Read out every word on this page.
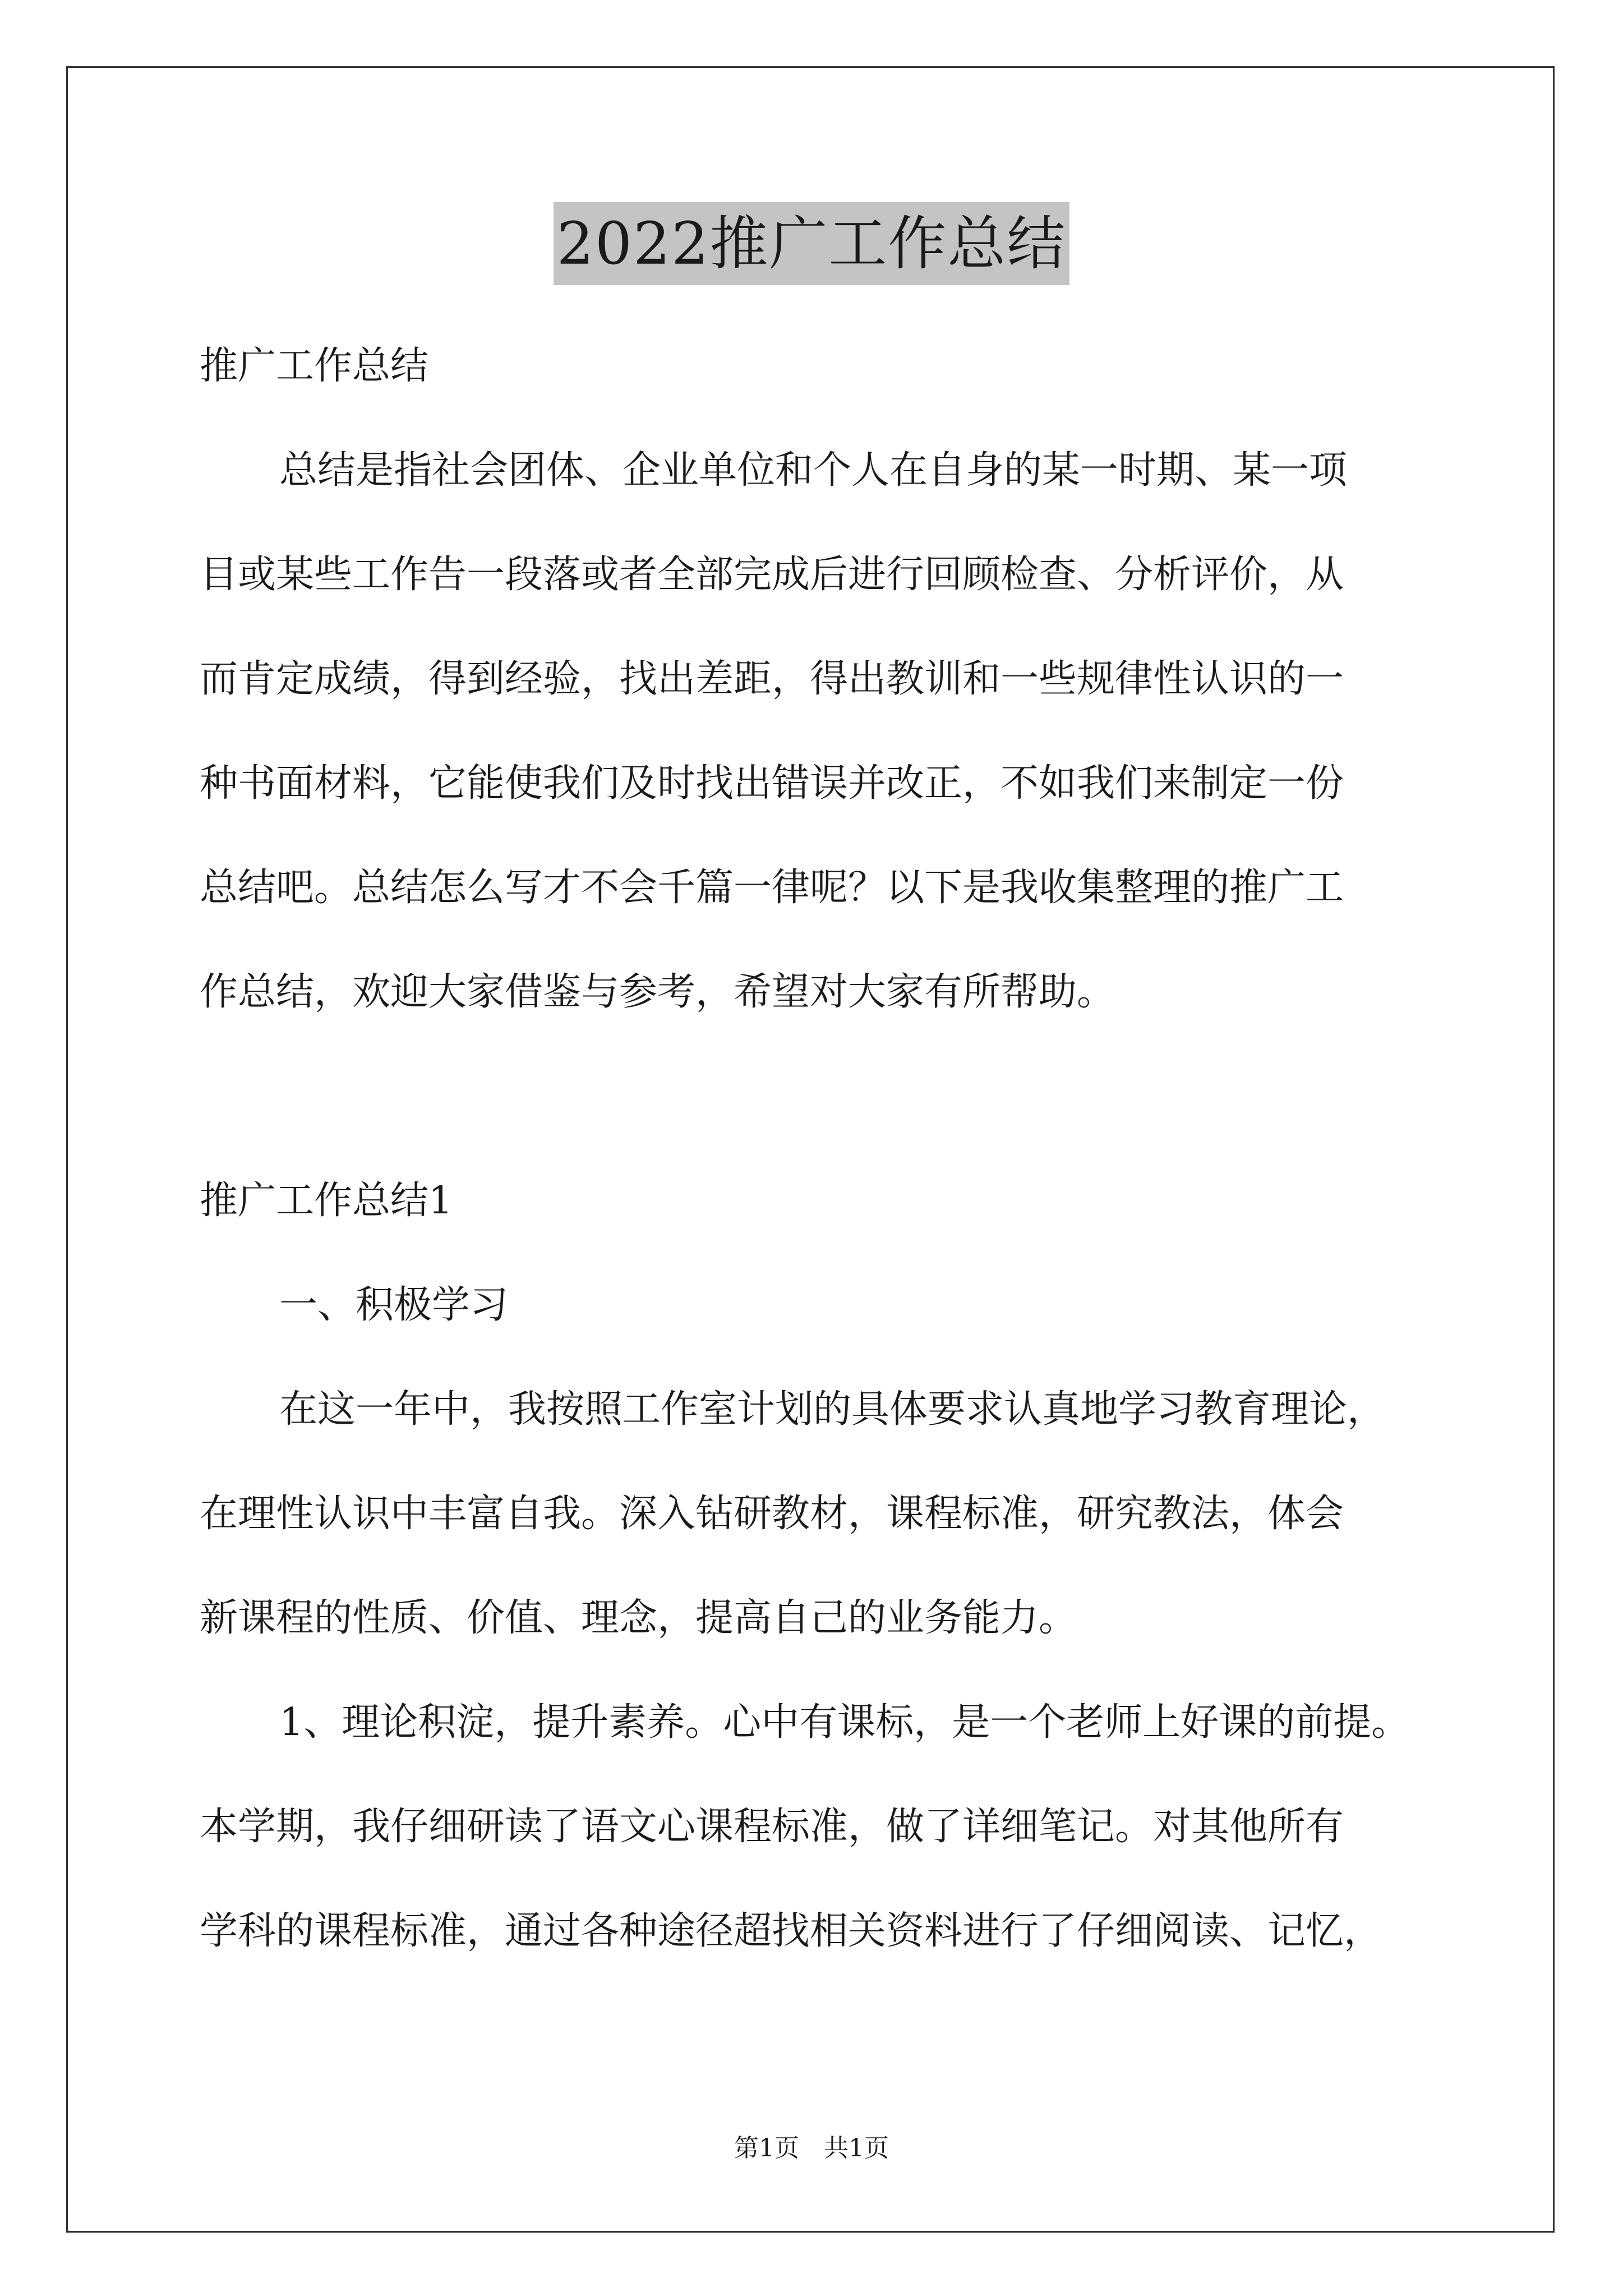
2022推广工作总结
推广工作总结
总结是指社会团体、企业单位和个人在自身的某一时期、某一项
目或某些工作告一段落或者全部完成后进行回顾检查、分析评价，从
而肯定成绩，得到经验，找出差距，得出教训和一些规律性认识的一
种书面材料，它能使我们及时找出错误并改正，不如我们来制定一份
总结吧。总结怎么写才不会千篇一律呢？以下是我收集整理的推广工
作总结，欢迎大家借鉴与参考，希望对大家有所帮助。
推广工作总结1
一、积极学习
在这一年中，我按照工作室计划的具体要求认真地学习教育理论，
在理性认识中丰富自我。深入钻研教材，课程标准，研究教法，体会
新课程的性质、价值、理念，提高自己的业务能力。
1、理论积淀，提升素养。心中有课标，是一个老师上好课的前提。
本学期，我仔细研读了语文心课程标准，做了详细笔记。对其他所有
学科的课程标准，通过各种途径超找相关资料进行了仔细阅读、记忆，
第1页　共1页
